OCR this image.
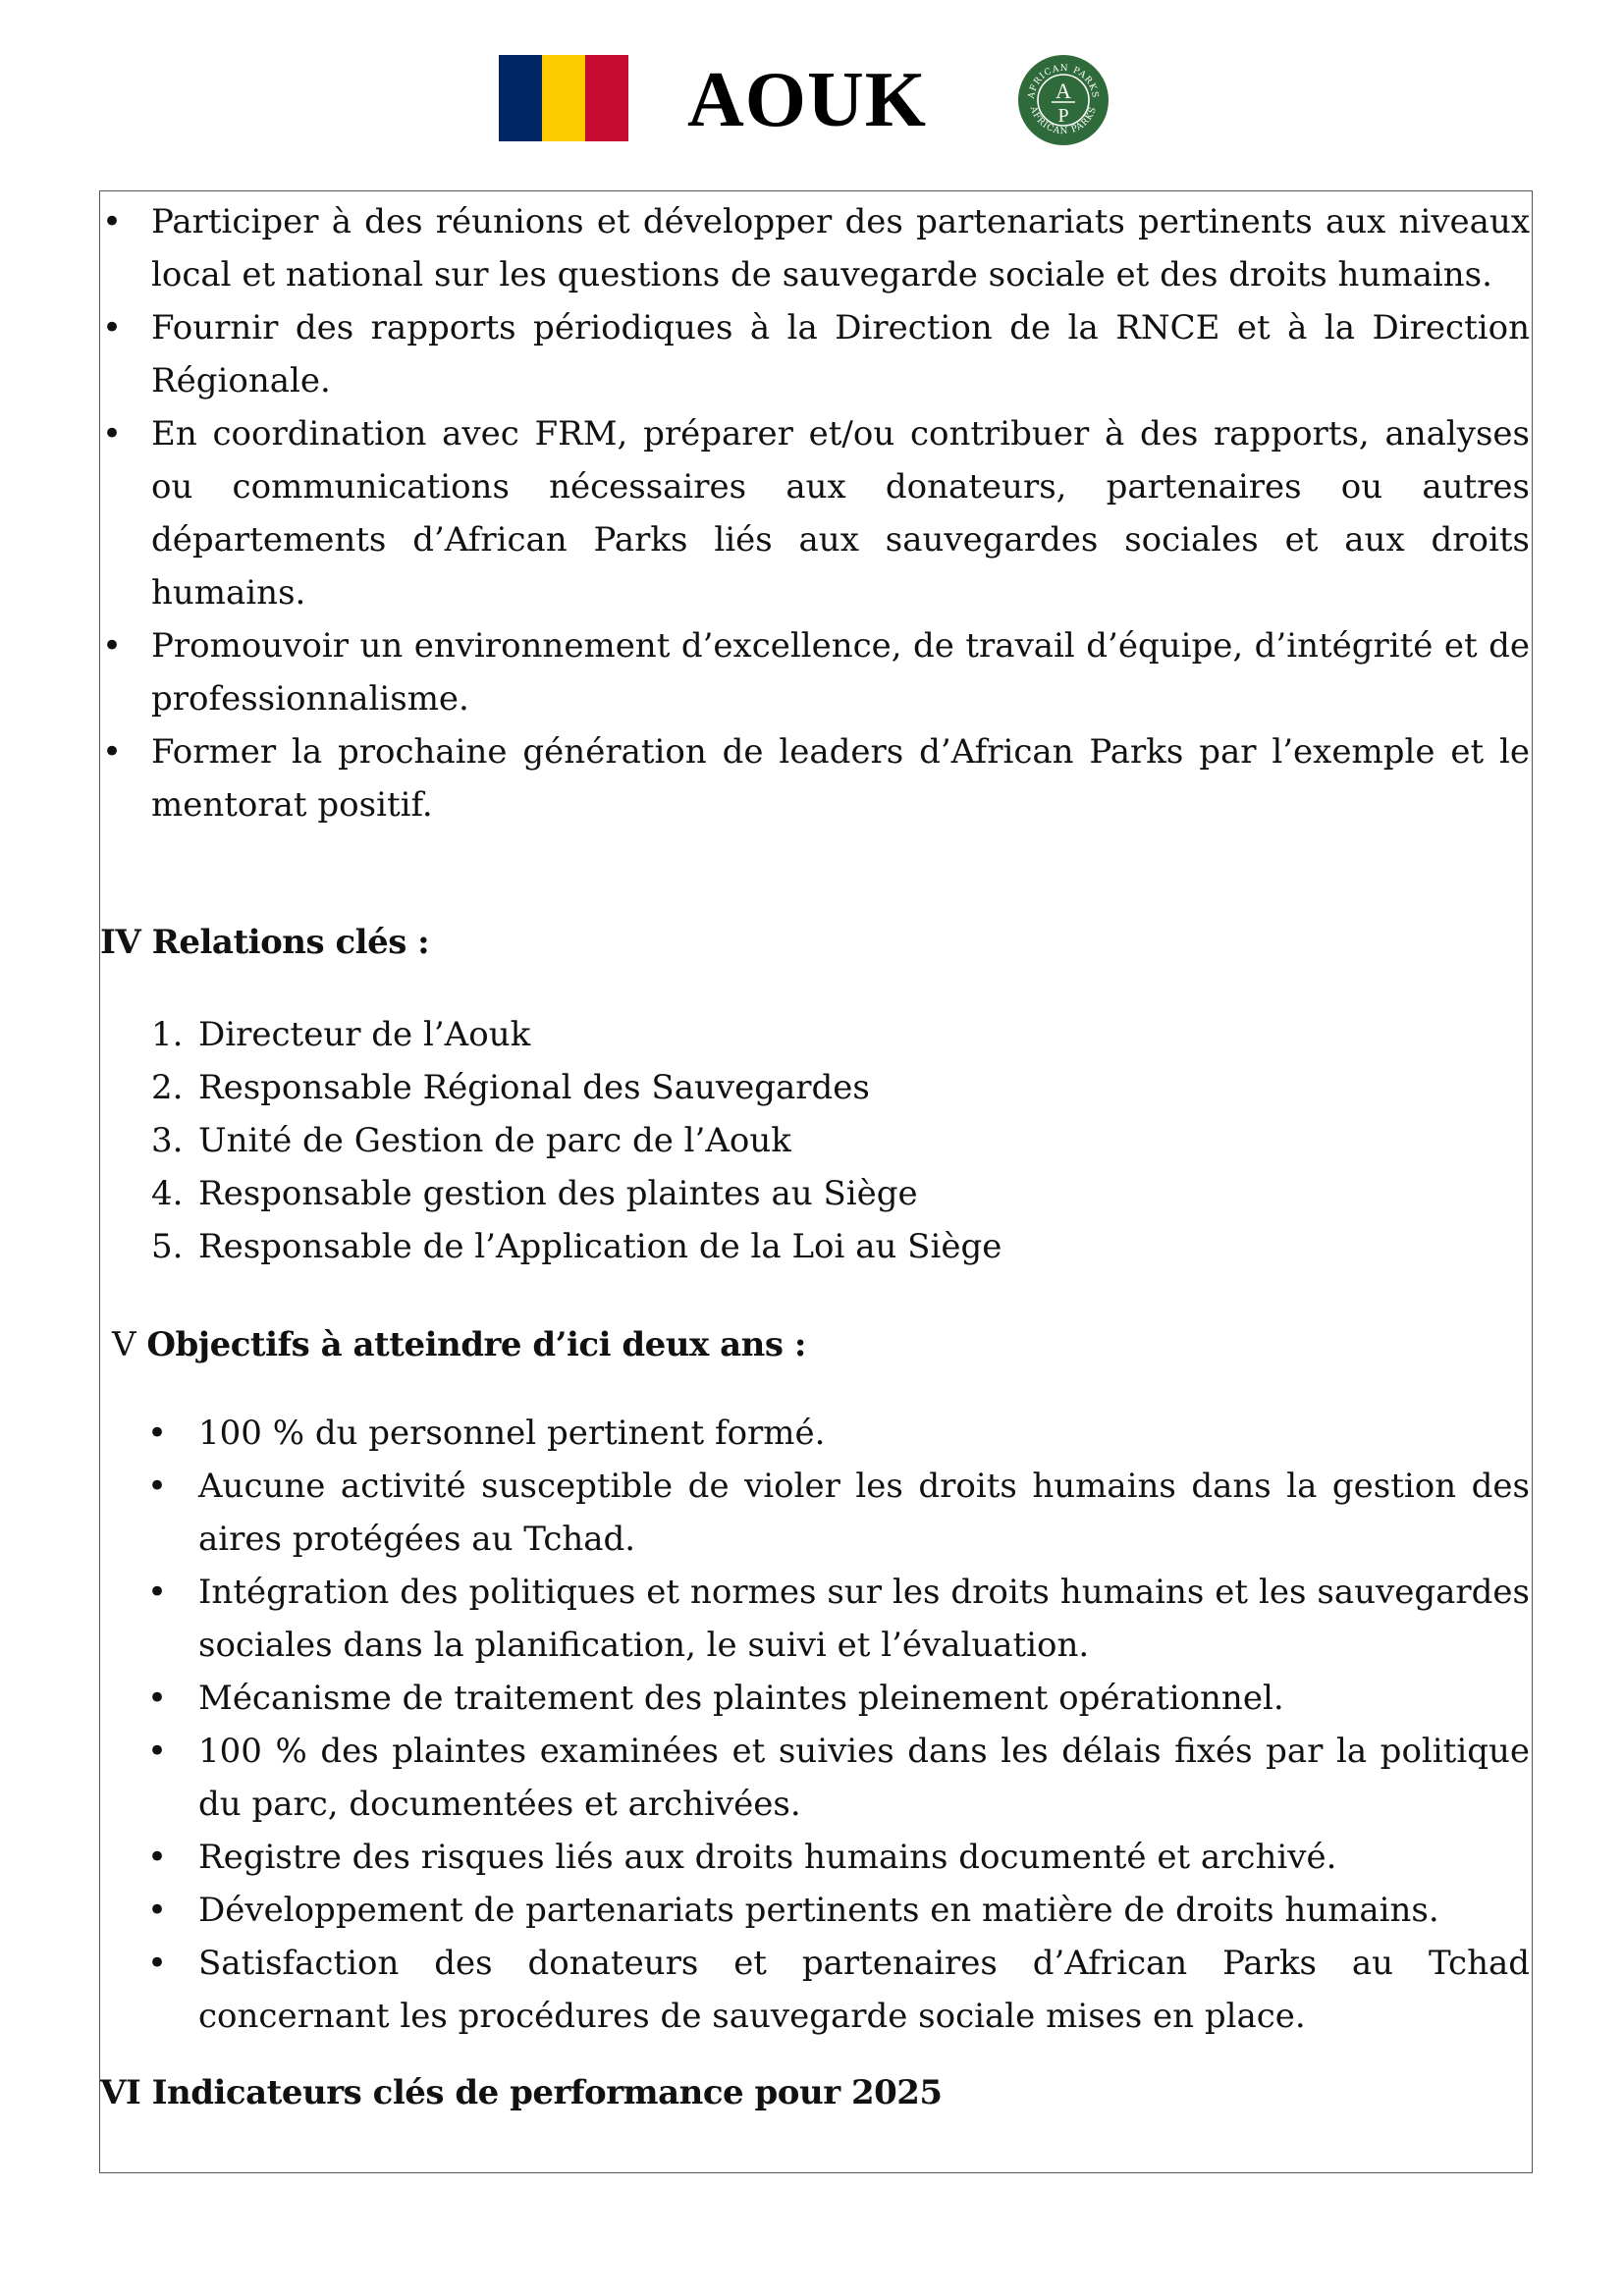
AOUK	AFRICAN PARKS
AFRICAN PARKS
A
P
• Participer à des réunions et développer des partenariats pertinents aux niveaux local et national sur les questions de sauvegarde sociale et des droits humains.
• Fournir des rapports périodiques à la Direction de la RNCE et à la Direction Régionale.
• En coordination avec FRM, préparer et/ou contribuer à des rapports, analyses ou communications nécessaires aux donateurs, partenaires ou autres départements d’African Parks liés aux sauvegardes sociales et aux droits humains.
• Promouvoir un environnement d’excellence, de travail d’équipe, d’intégrité et de professionnalisme.
• Former la prochaine génération de leaders d’African Parks par l’exemple et le mentorat positif.
IV Relations clés :
1. Directeur de l’Aouk
2. Responsable Régional des Sauvegardes
3. Unité de Gestion de parc de l’Aouk
4. Responsable gestion des plaintes au Siège
5. Responsable de l’Application de la Loi au Siège
V Objectifs à atteindre d’ici deux ans :
• 100 % du personnel pertinent formé.
• Aucune activité susceptible de violer les droits humains dans la gestion des aires protégées au Tchad.
• Intégration des politiques et normes sur les droits humains et les sauvegardes sociales dans la planification, le suivi et l’évaluation.
• Mécanisme de traitement des plaintes pleinement opérationnel.
• 100 % des plaintes examinées et suivies dans les délais fixés par la politique du parc, documentées et archivées.
• Registre des risques liés aux droits humains documenté et archivé.
• Développement de partenariats pertinents en matière de droits humains.
• Satisfaction des donateurs et partenaires d’African Parks au Tchad concernant les procédures de sauvegarde sociale mises en place.
VI Indicateurs clés de performance pour 2025
